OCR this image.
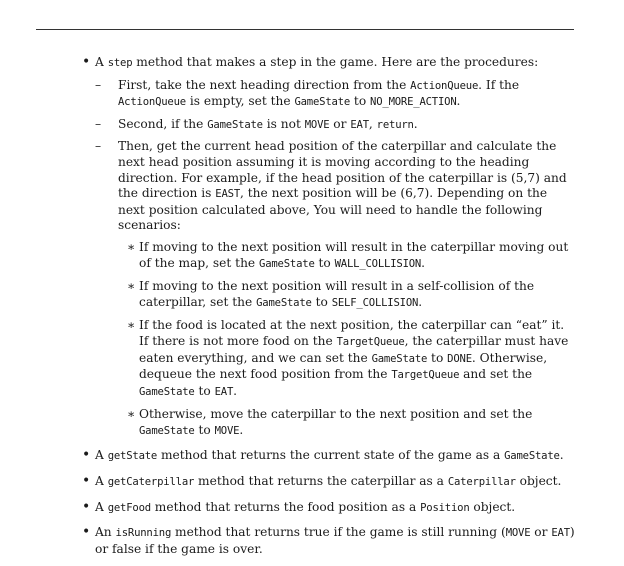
• A step method that makes a step in the game. Here are the procedures:
– First, take the next heading direction from the ActionQueue. If the ActionQueue is empty, set the GameState to NO_MORE_ACTION.
– Second, if the GameState is not MOVE or EAT, return.
– Then, get the current head position of the caterpillar and calculate the next head position assuming it is moving according to the heading direction. For example, if the head position of the caterpillar is (5,7) and the direction is EAST, the next position will be (6,7). Depending on the next position calculated above, You will need to handle the following scenarios:
∗ If moving to the next position will result in the caterpillar moving out of the map, set the GameState to WALL_COLLISION.
∗ If moving to the next position will result in a self-collision of the caterpillar, set the GameState to SELF_COLLISION.
∗ If the food is located at the next position, the caterpillar can “eat” it. If there is not more food on the TargetQueue, the caterpillar must have eaten everything, and we can set the GameState to DONE. Otherwise, dequeue the next food position from the TargetQueue and set the GameState to EAT.
∗ Otherwise, move the caterpillar to the next position and set the GameState to MOVE.
• A getState method that returns the current state of the game as a GameState.
• A getCaterpillar method that returns the caterpillar as a Caterpillar object.
• A getFood method that returns the food position as a Position object.
• An isRunning method that returns true if the game is still running (MOVE or EAT) or false if the game is over.
